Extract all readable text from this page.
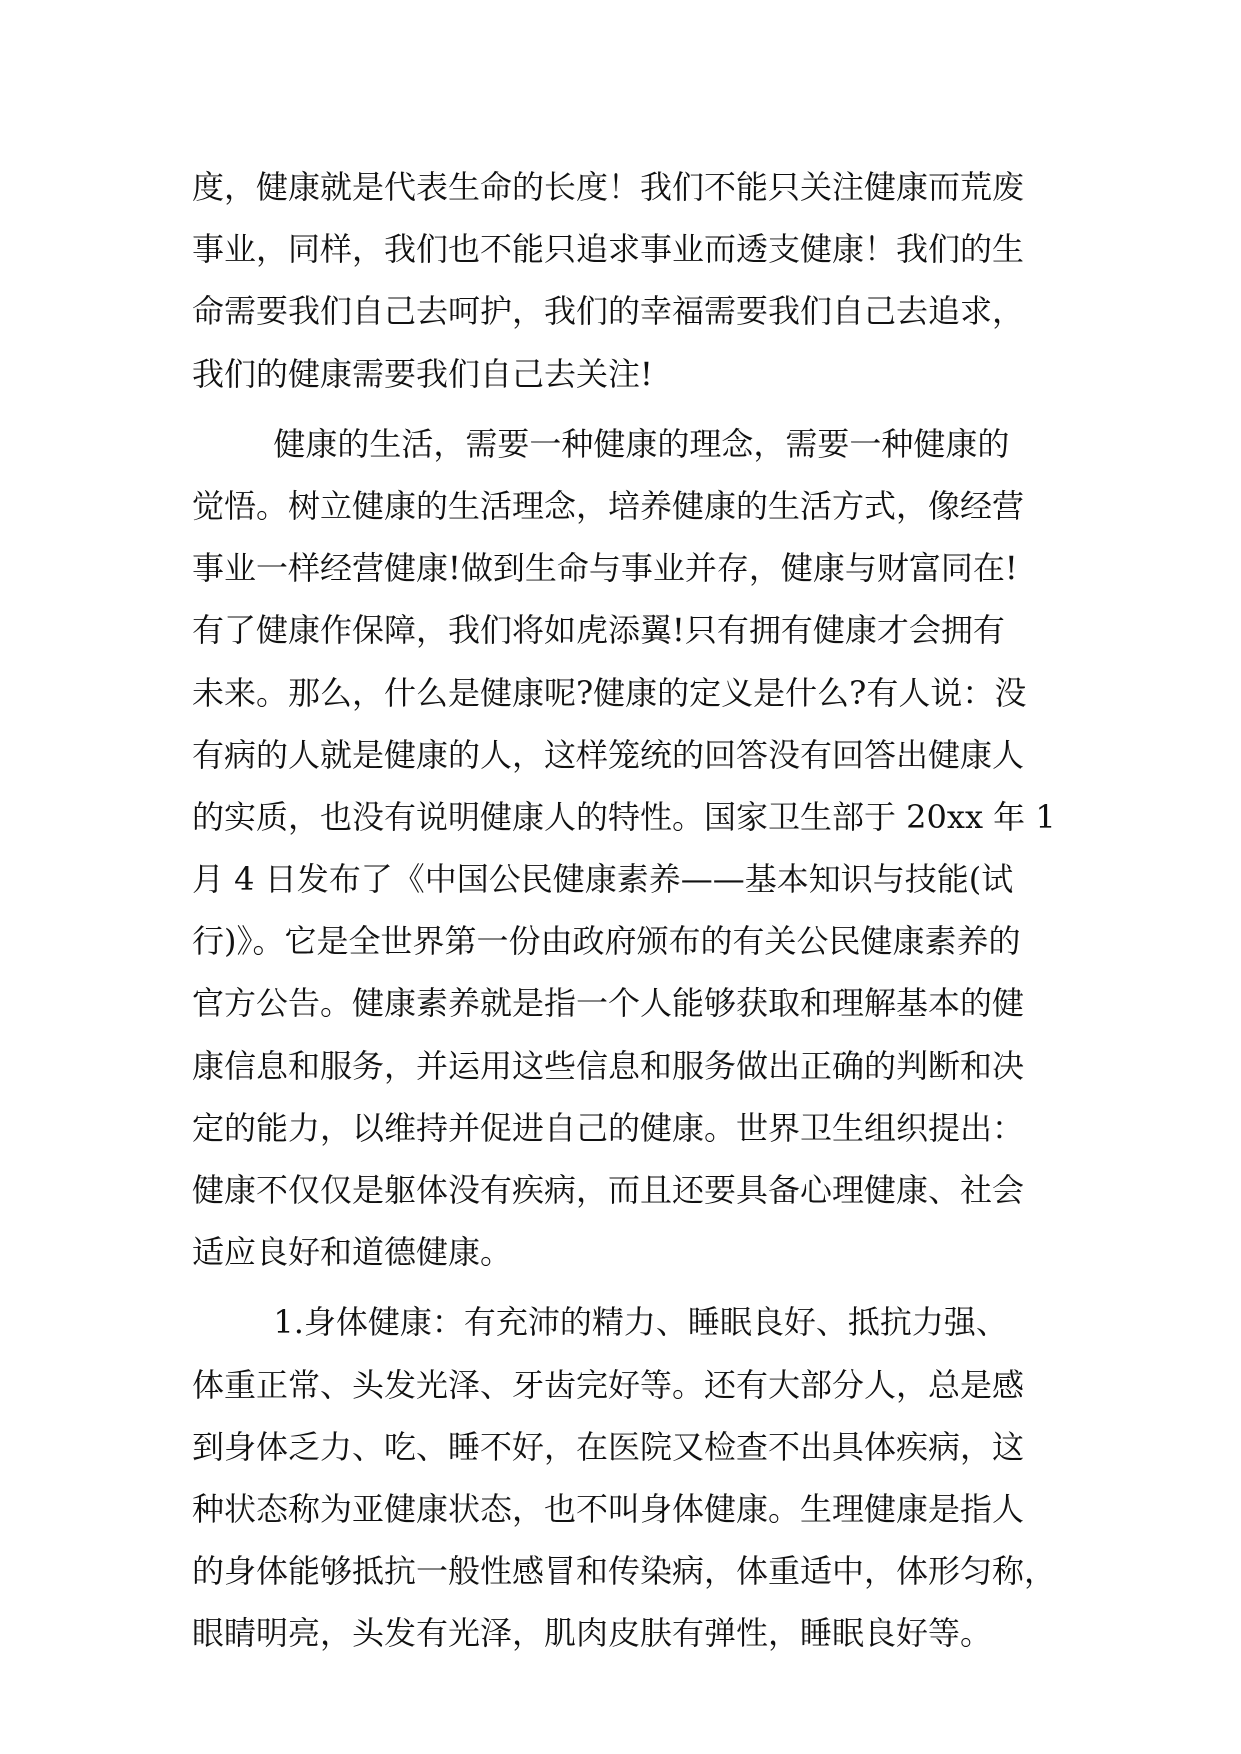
度，健康就是代表生命的长度！我们不能只关注健康而荒废
事业，同样，我们也不能只追求事业而透支健康！我们的生
命需要我们自己去呵护，我们的幸福需要我们自己去追求，
我们的健康需要我们自己去关注!
健康的生活，需要一种健康的理念，需要一种健康的
觉悟。树立健康的生活理念，培养健康的生活方式，像经营
事业一样经营健康!做到生命与事业并存，健康与财富同在!
有了健康作保障，我们将如虎添翼!只有拥有健康才会拥有
未来。那么，什么是健康呢?健康的定义是什么?有人说：没
有病的人就是健康的人，这样笼统的回答没有回答出健康人
的实质，也没有说明健康人的特性。国家卫生部于 20xx 年 1
月 4 日发布了《中国公民健康素养——基本知识与技能(试
行)》。它是全世界第一份由政府颁布的有关公民健康素养的
官方公告。健康素养就是指一个人能够获取和理解基本的健
康信息和服务，并运用这些信息和服务做出正确的判断和决
定的能力，以维持并促进自己的健康。世界卫生组织提出：
健康不仅仅是躯体没有疾病，而且还要具备心理健康、社会
适应良好和道德健康。
1.身体健康：有充沛的精力、睡眠良好、抵抗力强、
体重正常、头发光泽、牙齿完好等。还有大部分人，总是感
到身体乏力、吃、睡不好，在医院又检查不出具体疾病，这
种状态称为亚健康状态，也不叫身体健康。生理健康是指人
的身体能够抵抗一般性感冒和传染病，体重适中，体形匀称，
眼睛明亮，头发有光泽，肌肉皮肤有弹性，睡眠良好等。
